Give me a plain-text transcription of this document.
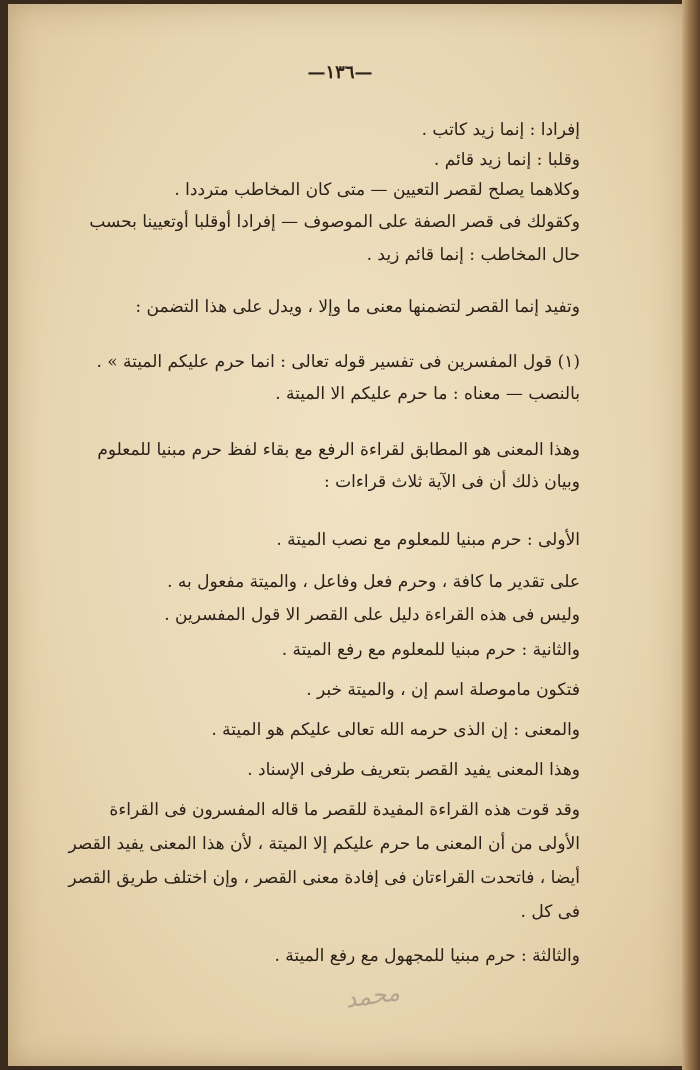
—١٣٦—
إفرادا : إنما زيد كاتب .
وقلبا : إنما زيد قائم .
وكلاهما يصلح لقصر التعيين — متى كان المخاطب مترددا .
وكقولك فى قصر الصفة على الموصوف — إفرادا أوقلبا أوتعيينا بحسب
حال المخاطب : إنما قائم زيد .
وتفيد إنما القصر لتضمنها معنى ما وإلا ، ويدل على هذا التضمن :
(١) قول المفسرين فى تفسير قوله تعالى : انما حرم عليكم الميتة » .
بالنصب — معناه : ما حرم عليكم الا الميتة .
وهذا المعنى هو المطابق لقراءة الرفع مع بقاء لفظ حرم مبنيا للمعلوم
وبيان ذلك أن فى الآية ثلاث قراءات :
الأولى : حرم مبنيا للمعلوم مع نصب الميتة .
على تقدير ما كافة ، وحرم فعل وفاعل ، والميتة مفعول به .
وليس فى هذه القراءة دليل على القصر الا قول المفسرين .
والثانية : حرم مبنيا للمعلوم مع رفع الميتة .
فتكون ماموصلة اسم إن ، والميتة خبر .
والمعنى : إن الذى حرمه الله تعالى عليكم هو الميتة .
وهذا المعنى يفيد القصر بتعريف طرفى الإسناد .
وقد قوت هذه القراءة المفيدة للقصر ما قاله المفسرون فى القراءة
الأولى من أن المعنى ما حرم عليكم إلا الميتة ، لأن هذا المعنى يفيد القصر
أيضا ، فاتحدت القراءتان فى إفادة معنى القصر ، وإن اختلف طريق القصر
فى كل .
والثالثة : حرم مبنيا للمجهول مع رفع الميتة .
محمد
